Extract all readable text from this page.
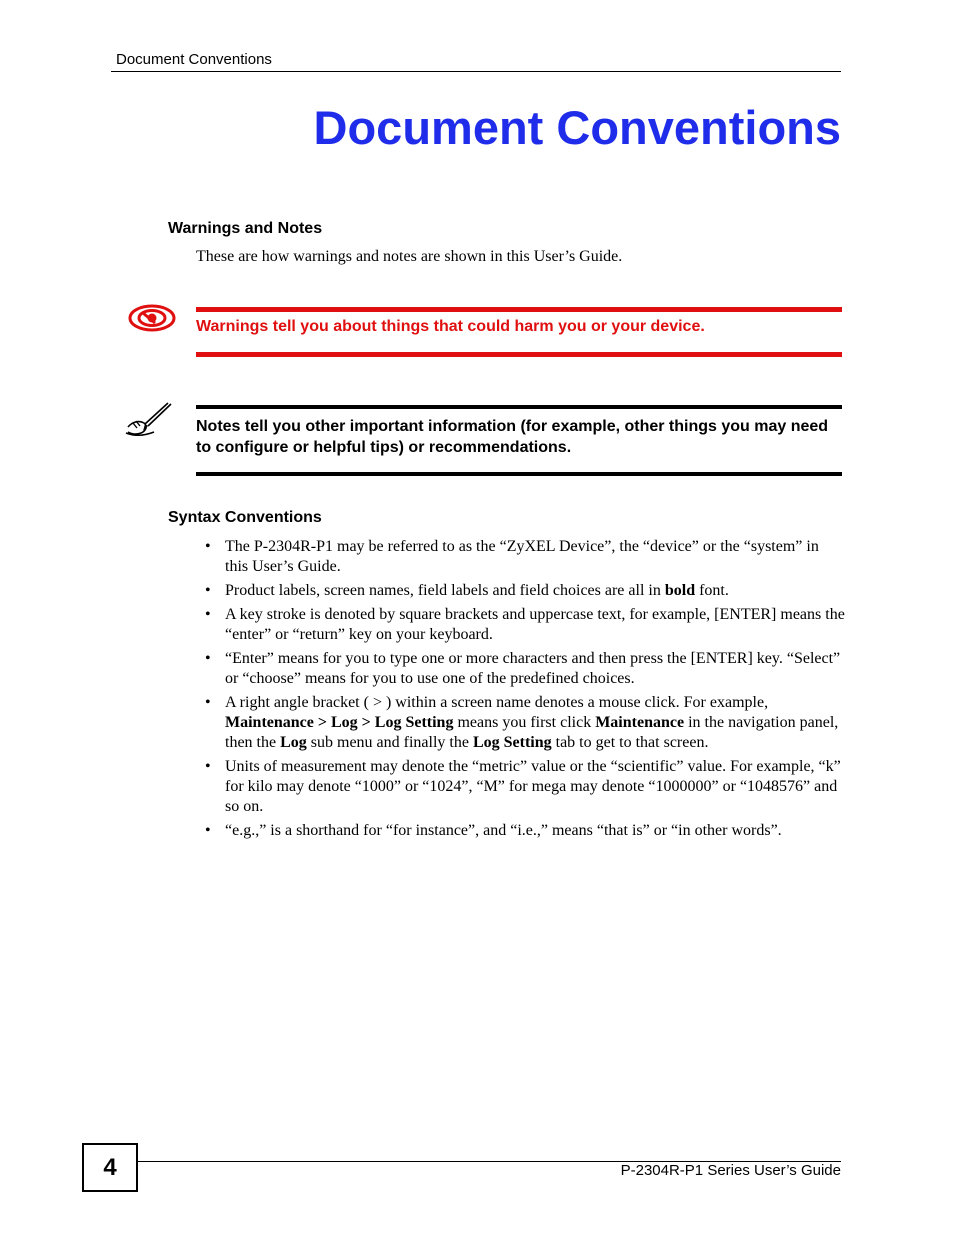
Document Conventions
Document Conventions
Warnings and Notes
These are how warnings and notes are shown in this User’s Guide.
Warnings tell you about things that could harm you or your device.
Notes tell you other important information (for example, other things you may need to configure or helpful tips) or recommendations.
Syntax Conventions
• The P-2304R-P1 may be referred to as the “ZyXEL Device”, the “device” or the “system” in this User’s Guide.
• Product labels, screen names, field labels and field choices are all in bold font.
• A key stroke is denoted by square brackets and uppercase text, for example, [ENTER] means the “enter” or “return” key on your keyboard.
• “Enter” means for you to type one or more characters and then press the [ENTER] key. “Select” or “choose” means for you to use one of the predefined choices.
• A right angle bracket ( > ) within a screen name denotes a mouse click. For example, Maintenance > Log > Log Setting means you first click Maintenance in the navigation panel, then the Log sub menu and finally the Log Setting tab to get to that screen.
• Units of measurement may denote the “metric” value or the “scientific” value. For example, “k” for kilo may denote “1000” or “1024”, “M” for mega may denote “1000000” or “1048576” and so on.
• “e.g.,” is a shorthand for “for instance”, and “i.e.,” means “that is” or “in other words”.
4	P-2304R-P1 Series User’s Guide
